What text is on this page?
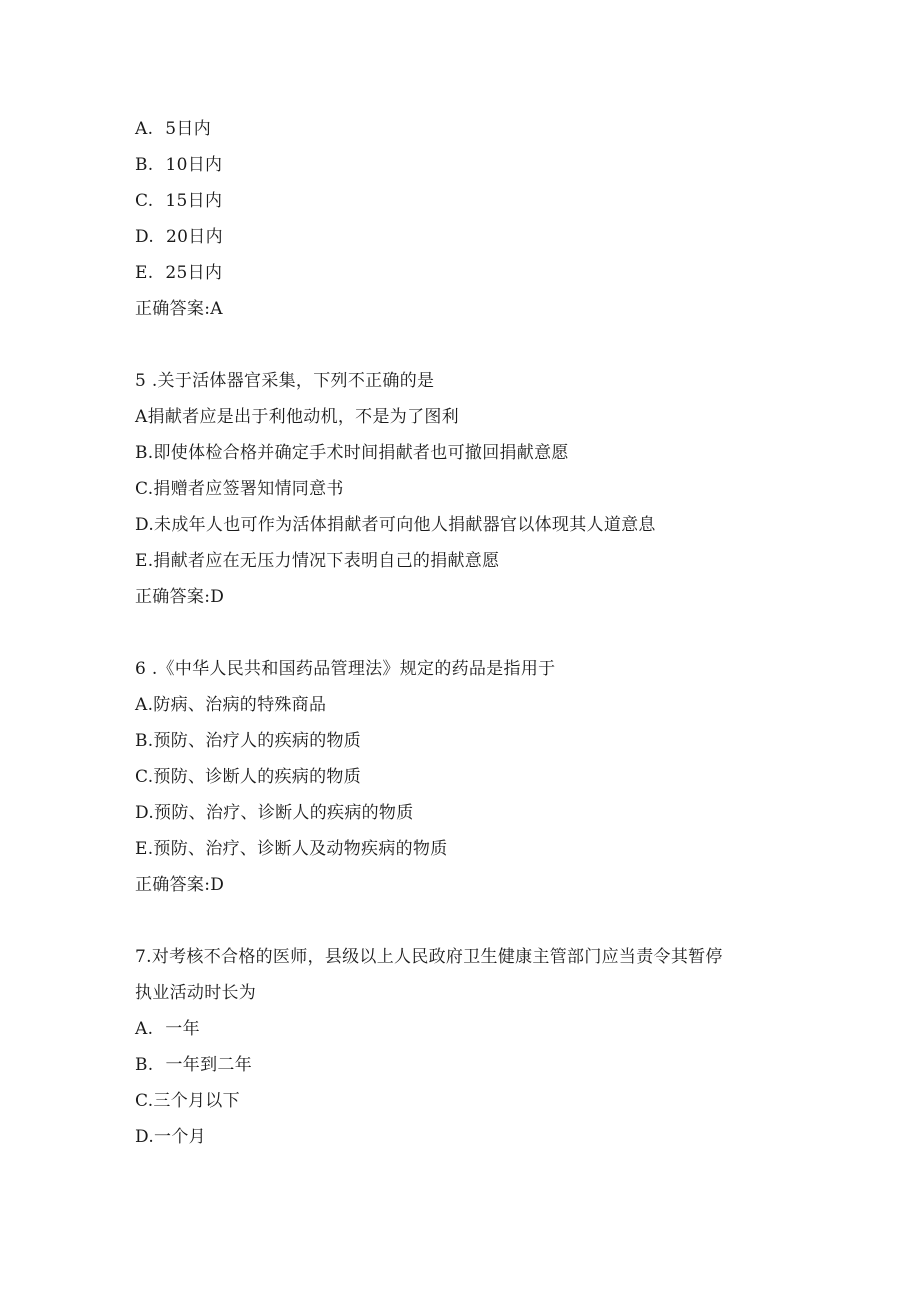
A. 5日内
B. 10日内
C. 15日内
D. 20日内
E. 25日内
正确答案:A
5 .关于活体器官采集，下列不正确的是
A捐献者应是出于利他动机，不是为了图利
B.即使体检合格并确定手术时间捐献者也可撤回捐献意愿
C.捐赠者应签署知情同意书
D.未成年人也可作为活体捐献者可向他人捐献器官以体现其人道意息
E.捐献者应在无压力情况下表明自己的捐献意愿
正确答案:D
6 .《中华人民共和国药品管理法》规定的药品是指用于
A.防病、治病的特殊商品
B.预防、治疗人的疾病的物质
C.预防、诊断人的疾病的物质
D.预防、治疗、诊断人的疾病的物质
E.预防、治疗、诊断人及动物疾病的物质
正确答案:D
7.对考核不合格的医师，县级以上人民政府卫生健康主管部门应当责令其暂停
执业活动时长为
A. 一年
B. 一年到二年
C.三个月以下
D.一个月
